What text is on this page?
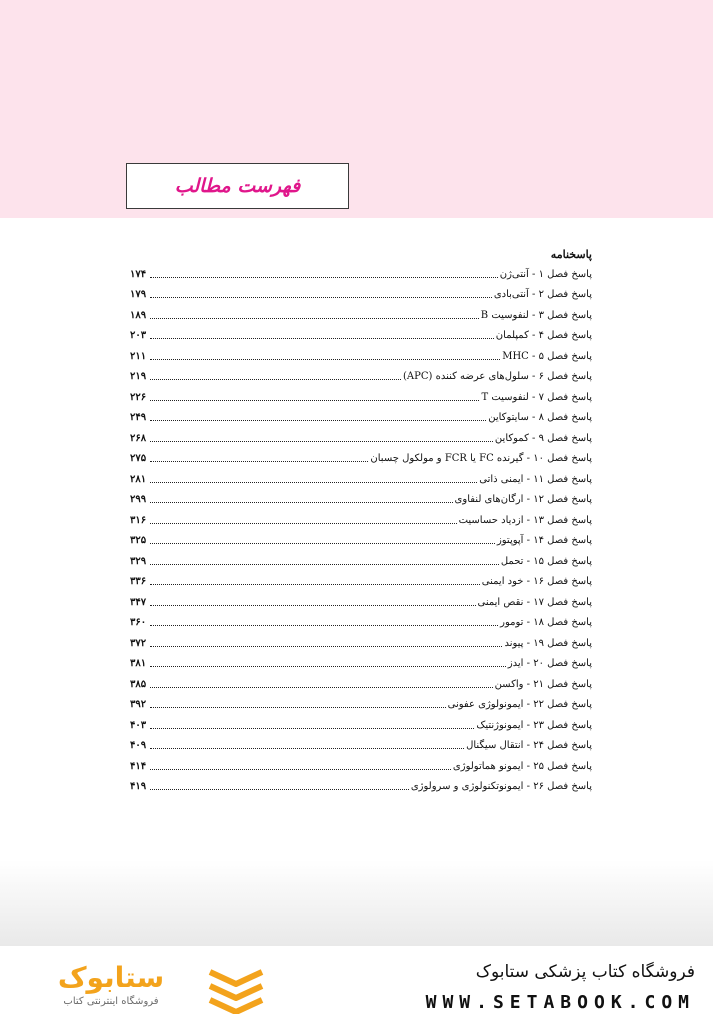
فهرست مطالب
پاسخنامه
پاسخ فصل ۱ - آنتی‌ژن
۱۷۴
پاسخ فصل ۲ - آنتی‌بادی
۱۷۹
پاسخ فصل ۳ - لنفوسیت B
۱۸۹
پاسخ فصل ۴ - کمپلمان
۲۰۳
پاسخ فصل ۵ - MHC
۲۱۱
پاسخ فصل ۶ - سلول‌های عرضه کننده (APC)
۲۱۹
پاسخ فصل ۷ - لنفوسیت T
۲۲۶
پاسخ فصل ۸ - سایتوکاین
۲۴۹
پاسخ فصل ۹ - کموکاین
۲۶۸
پاسخ فصل ۱۰ - گیرنده FC یا FCR و مولکول چسبان
۲۷۵
پاسخ فصل ۱۱ - ایمنی ذاتی
۲۸۱
پاسخ فصل ۱۲ - ارگان‌های لنفاوی
۲۹۹
پاسخ فصل ۱۳ - ازدیاد حساسیت
۳۱۶
پاسخ فصل ۱۴ - آپوپتوز
۳۲۵
پاسخ فصل ۱۵ - تحمل
۳۲۹
پاسخ فصل ۱۶ - خود ایمنی
۳۳۶
پاسخ فصل ۱۷ - نقص ایمنی
۳۴۷
پاسخ فصل ۱۸ - تومور
۳۶۰
پاسخ فصل ۱۹ - پیوند
۳۷۲
پاسخ فصل ۲۰ - ایدز
۳۸۱
پاسخ فصل ۲۱ - واکسن
۳۸۵
پاسخ فصل ۲۲ - ایمونولوژی عفونی
۳۹۲
پاسخ فصل ۲۳ - ایمونوژنتیک
۴۰۳
پاسخ فصل ۲۴ - انتقال سیگنال
۴۰۹
پاسخ فصل ۲۵ - ایمونو هماتولوژی
۴۱۴
پاسخ فصل ۲۶ - ایمونوتکنولوژی و سرولوژی
۴۱۹
ستابوک
فروشگاه اینترنتی کتاب
فروشگاه کتاب پزشکی ستابوک
WWW.SETABOOK.COM
